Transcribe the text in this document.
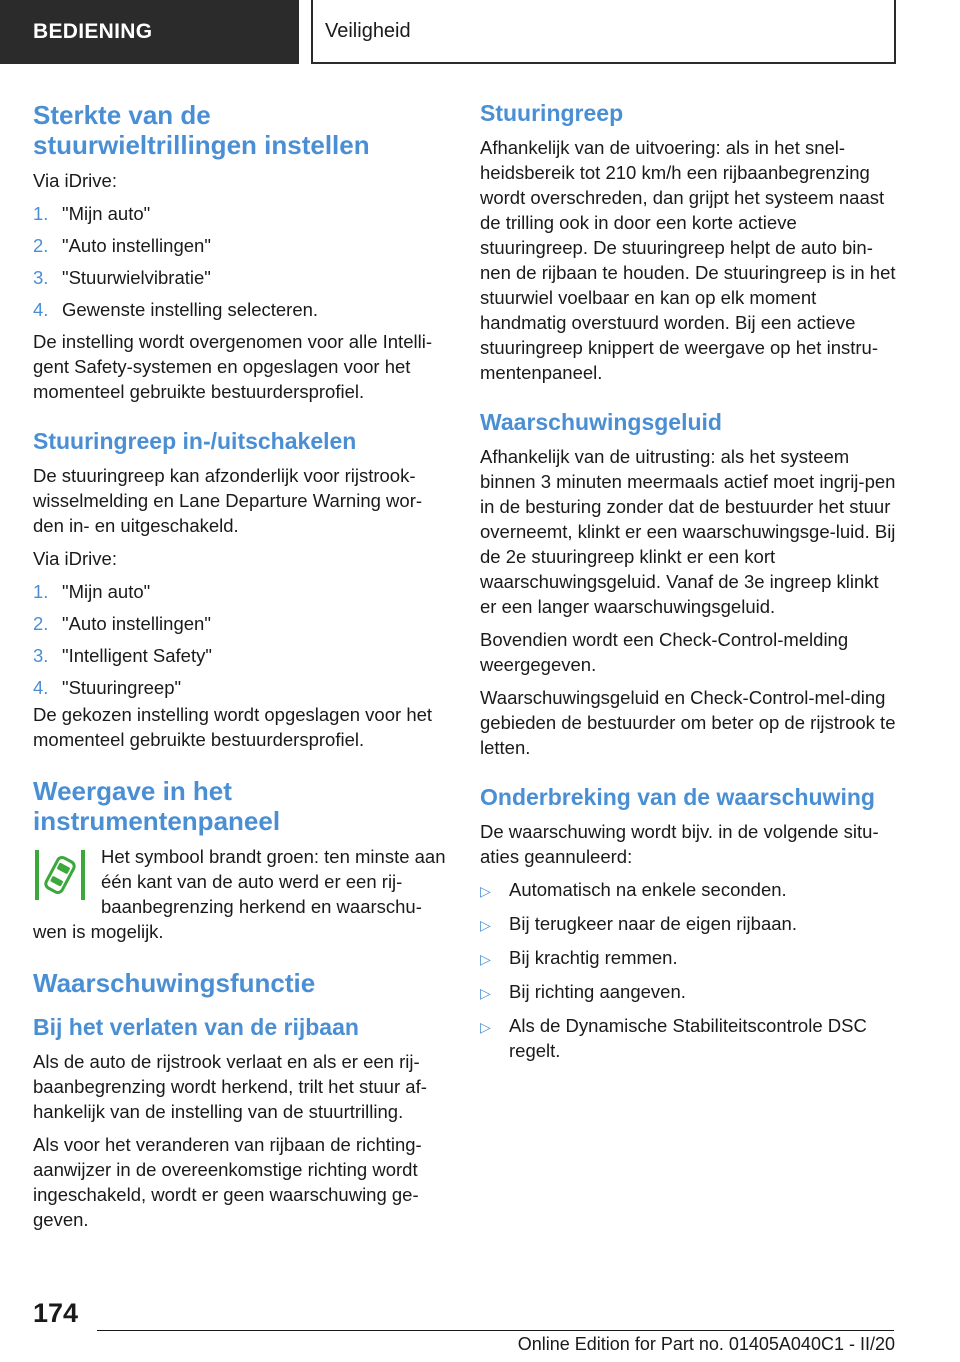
BEDIENING	Veiligheid
Sterkte van de stuurwieltrillingen instellen

Via iDrive:

1. "Mijn auto"
2. "Auto instellingen"
3. "Stuurwielvibratie"
4. Gewenste instelling selecteren.

De instelling wordt overgenomen voor alle Intelli‐gent Safety-systemen en opgeslagen voor het momenteel gebruikte bestuurdersprofiel.

Stuuringreep in-/uitschakelen

De stuuringreep kan afzonderlijk voor rijstrook‐wisselmelding en Lane Departure Warning wor‐den in- en uitgeschakeld.

Via iDrive:

1. "Mijn auto"
2. "Auto instellingen"
3. "Intelligent Safety"
4. "Stuuringreep"

De gekozen instelling wordt opgeslagen voor het momenteel gebruikte bestuurdersprofiel.

Weergave in het instrumentenpaneel

Het symbool brandt groen: ten minste aan één kant van de auto werd er een rij‐baanbegrenzing herkend en waarschu‐wen is mogelijk.

Waarschuwingsfunctie
Bij het verlaten van de rijbaan

Als de auto de rijstrook verlaat en als er een rij‐baanbegrenzing wordt herkend, trilt het stuur af‐hankelijk van de instelling van de stuurtrilling.

Als voor het veranderen van rijbaan de richting‐aanwijzer in de overeenkomstige richting wordt ingeschakeld, wordt er geen waarschuwing ge‐geven.

Stuuringreep

Afhankelijk van de uitvoering: als in het snel‐heidsbereik tot 210 km/h een rijbaanbegrenzing wordt overschreden, dan grijpt het systeem naast de trilling ook in door een korte actieve stuuringreep. De stuuringreep helpt de auto bin‐nen de rijbaan te houden. De stuuringreep is in het stuurwiel voelbaar en kan op elk moment handmatig overstuurd worden. Bij een actieve stuuringreep knippert de weergave op het instru‐mentenpaneel.

Waarschuwingsgeluid

Afhankelijk van de uitrusting: als het systeem binnen 3 minuten meermaals actief moet ingrij‐pen in de besturing zonder dat de bestuurder het stuur overneemt, klinkt er een waarschuwingsge‐luid. Bij de 2e stuuringreep klinkt er een kort waarschuwingsgeluid. Vanaf de 3e ingreep klinkt er een langer waarschuwingsgeluid.

Bovendien wordt een Check-Control-melding weergegeven.

Waarschuwingsgeluid en Check-Control-mel‐ding gebieden de bestuurder om beter op de rijstrook te letten.

Onderbreking van de waarschuwing

De waarschuwing wordt bijv. in de volgende situ‐aties geannuleerd:

▷ Automatisch na enkele seconden.
▷ Bij terugkeer naar de eigen rijbaan.
▷ Bij krachtig remmen.
▷ Bij richting aangeven.
▷ Als de Dynamische Stabiliteitscontrole DSC regelt.
174
Online Edition for Part no. 01405A040C1 - II/20
